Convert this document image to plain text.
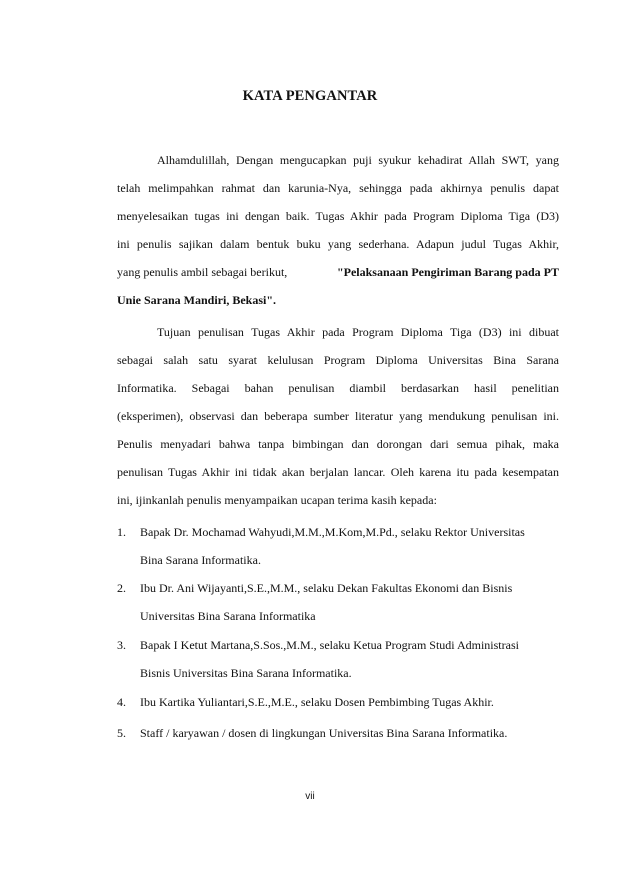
KATA PENGANTAR
Alhamdulillah, Dengan mengucapkan puji syukur kehadirat Allah SWT, yang
telah melimpahkan rahmat dan karunia-Nya, sehingga pada akhirnya penulis dapat
menyelesaikan tugas ini dengan baik. Tugas Akhir pada Program Diploma Tiga (D3)
ini penulis sajikan dalam bentuk buku yang sederhana. Adapun judul Tugas Akhir,
yang penulis ambil sebagai berikut,	"Pelaksanaan Pengiriman Barang pada PT
Unie Sarana Mandiri, Bekasi".
Tujuan penulisan Tugas Akhir pada Program Diploma Tiga (D3) ini dibuat
sebagai salah satu syarat kelulusan Program Diploma Universitas Bina Sarana
Informatika. Sebagai bahan penulisan diambil berdasarkan hasil penelitian
(eksperimen), observasi dan beberapa sumber literatur yang mendukung penulisan ini.
Penulis menyadari bahwa tanpa bimbingan dan dorongan dari semua pihak, maka
penulisan Tugas Akhir ini tidak akan berjalan lancar. Oleh karena itu pada kesempatan
ini, ijinkanlah penulis menyampaikan ucapan terima kasih kepada:
1. Bapak Dr. Mochamad Wahyudi,M.M.,M.Kom,M.Pd., selaku Rektor Universitas
Bina Sarana Informatika.
2. Ibu Dr. Ani Wijayanti,S.E.,M.M., selaku Dekan Fakultas Ekonomi dan Bisnis
Universitas Bina Sarana Informatika
3. Bapak I Ketut Martana,S.Sos.,M.M., selaku Ketua Program Studi Administrasi
Bisnis Universitas Bina Sarana Informatika.
4. Ibu Kartika Yuliantari,S.E.,M.E., selaku Dosen Pembimbing Tugas Akhir.
5. Staff / karyawan / dosen di lingkungan Universitas Bina Sarana Informatika.
vii
